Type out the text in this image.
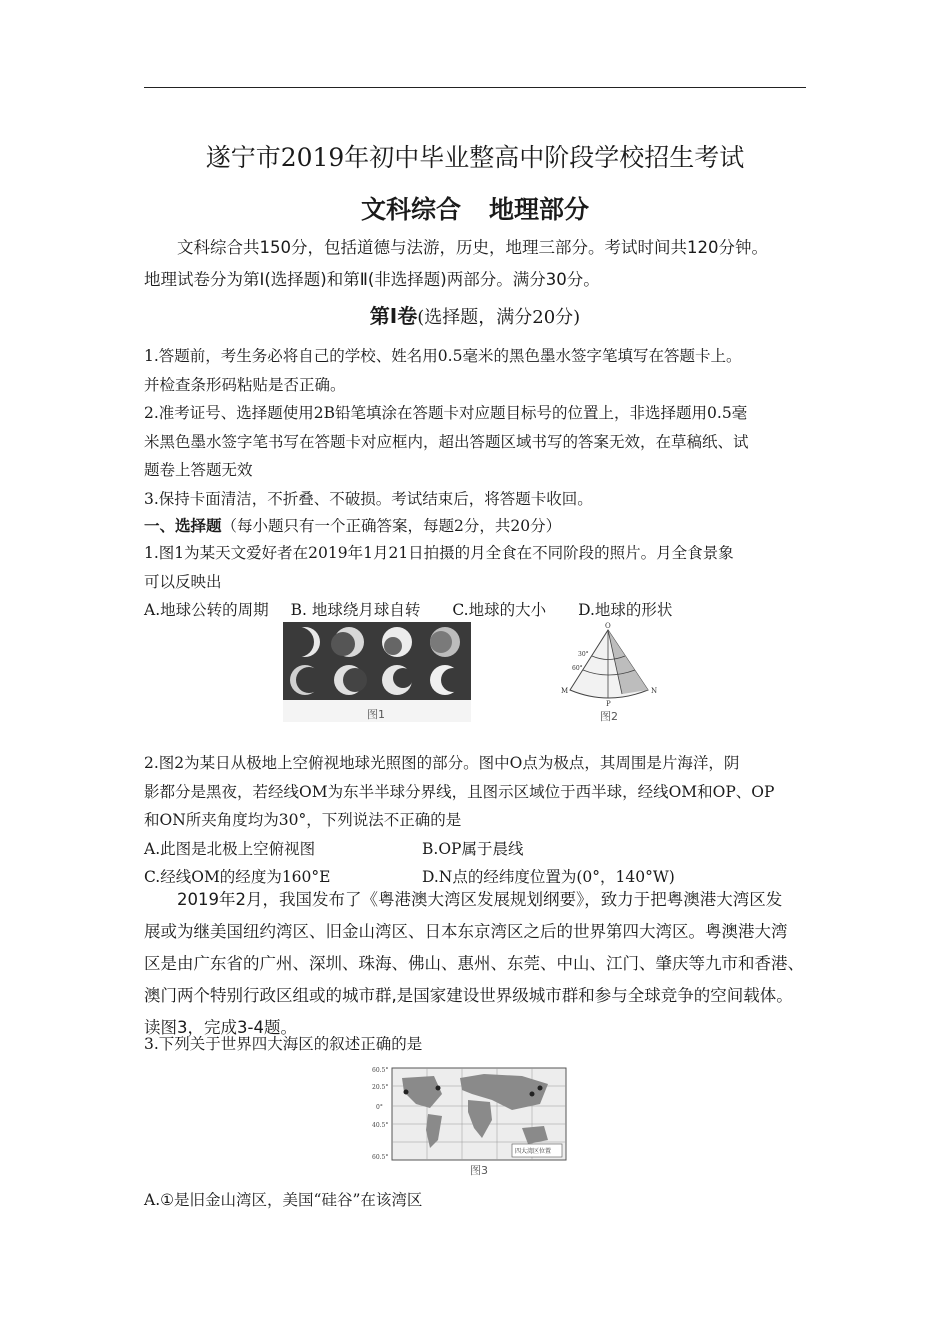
遂宁市2019年初中毕业整高中阶段学校招生考试
文科综合 地理部分
文科综合共150分，包括道德与法游，历史，地理三部分。考试时间共120分钟。
地理试卷分为第Ⅰ(选择题)和第Ⅱ(非选择题)两部分。满分30分。
第Ⅰ卷(选择题，满分20分)

1.答题前，考生务必将自己的学校、姓名用0.5毫米的黑色墨水签字笔填写在答题卡上。

并检查条形码粘贴是否正确。

2.准考证号、选择题使用2B铅笔填涂在答题卡对应题目标号的位置上，非选择题用0.5毫

米黑色墨水签字笔书写在答题卡对应框内，超出答题区域书写的答案无效，在草稿纸、试

题卷上答题无效

3.保持卡面清洁，不折叠、不破损。考试结束后，将答题卡收回。

一、选择题（每小题只有一个正确答案，每题2分，共20分）

1.图1为某天文爱好者在2019年1月21日拍摄的月全食在不同阶段的照片。月全食景象

可以反映出

A.地球公转的周期 B. 地球绕月球自转 C.地球的大小 D.地球的形状

图1
O
P
M	N
60°
30°
图2

2.图2为某日从极地上空俯视地球光照图的部分。图中O点为极点，其周围是片海洋，阴

影都分是黑夜，若经线OM为东半半球分界线，且图示区域位于西半球，经线OM和OP、OP

和ON所夹角度均为30°，下列说法不正确的是

A.此图是北极上空俯视图	B.OP属于晨线

C.经线OM的经度为160°E	D.N点的经纬度位置为(0°，140°W)

2019年2月，我国发布了《粤港澳大湾区发展规划纲要》，致力于把粤澳港大湾区发
展或为继美国纽约湾区、旧金山湾区、日本东京湾区之后的世界第四大湾区。粤澳港大湾
区是由广东省的广州、深圳、珠海、佛山、惠州、东莞、中山、江门、肇庆等九市和香港、
澳门两个特别行政区组或的城市群,是国家建设世界级城市群和参与全球竞争的空间载体。
读图3，完成3-4题。

3.下列关于世界四大海区的叙述正确的是

四大湾区位置
60.5°
20.5°
0°
40.5°
60.5°
图3

A.①是旧金山湾区，美国“硅谷”在该湾区
